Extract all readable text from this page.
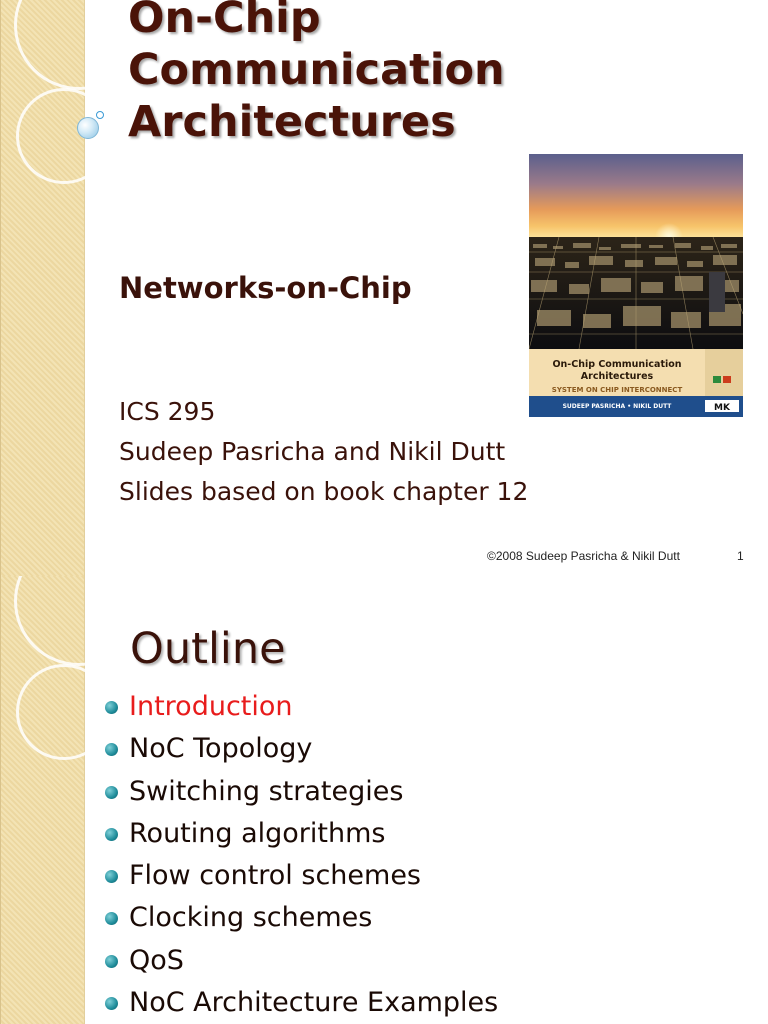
On-Chip
Communication
Architectures
Networks-on-Chip
ICS 295
Sudeep Pasricha and Nikil Dutt
Slides based on book chapter 12
On-Chip Communication
Architectures
SYSTEM ON CHIP INTERCONNECT
SUDEEP PASRICHA • NIKIL DUTT	MK
©2008 Sudeep Pasricha & Nikil Dutt	1
Outline
Introduction
NoC Topology
Switching strategies
Routing algorithms
Flow control schemes
Clocking schemes
QoS
NoC Architecture Examples
